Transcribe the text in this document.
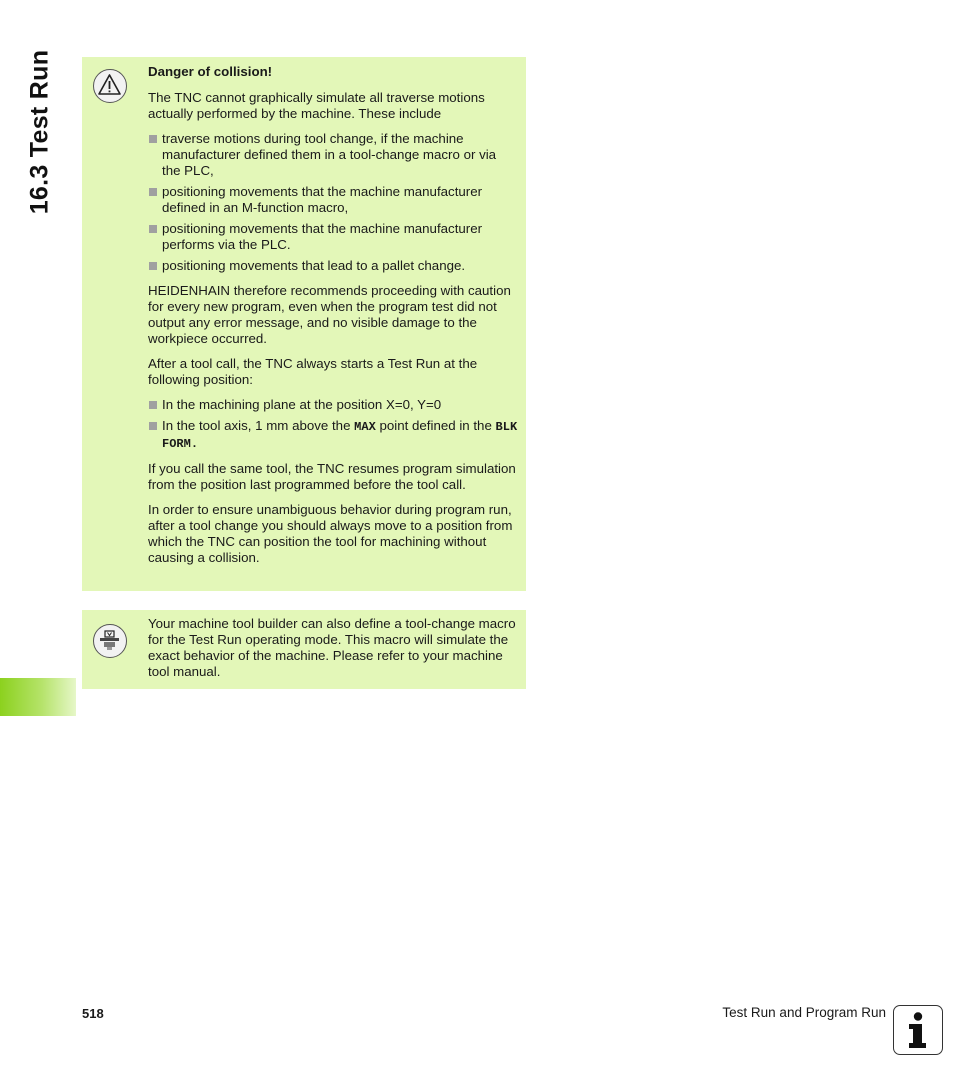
16.3 Test Run	Danger of collision!

The TNC cannot graphically simulate all traverse motions actually performed by the machine. These include

traverse motions during tool change, if the machine manufacturer defined them in a tool-change macro or via the PLC,
positioning movements that the machine manufacturer defined in an M-function macro,
positioning movements that the machine manufacturer performs via the PLC.
positioning movements that lead to a pallet change.

HEIDENHAIN therefore recommends proceeding with caution for every new program, even when the program test did not output any error message, and no visible damage to the workpiece occurred.

After a tool call, the TNC always starts a Test Run at the following position:

In the machining plane at the position X=0, Y=0
In the tool axis, 1 mm above the MAX point defined in the BLK FORM.

If you call the same tool, the TNC resumes program simulation from the position last programmed before the tool call.

In order to ensure unambiguous behavior during program run, after a tool change you should always move to a position from which the TNC can position the tool for machining without causing a collision.

Your machine tool builder can also define a tool-change macro for the Test Run operating mode. This macro will simulate the exact behavior of the machine. Please refer to your machine tool manual.

518	Test Run and Program Run
